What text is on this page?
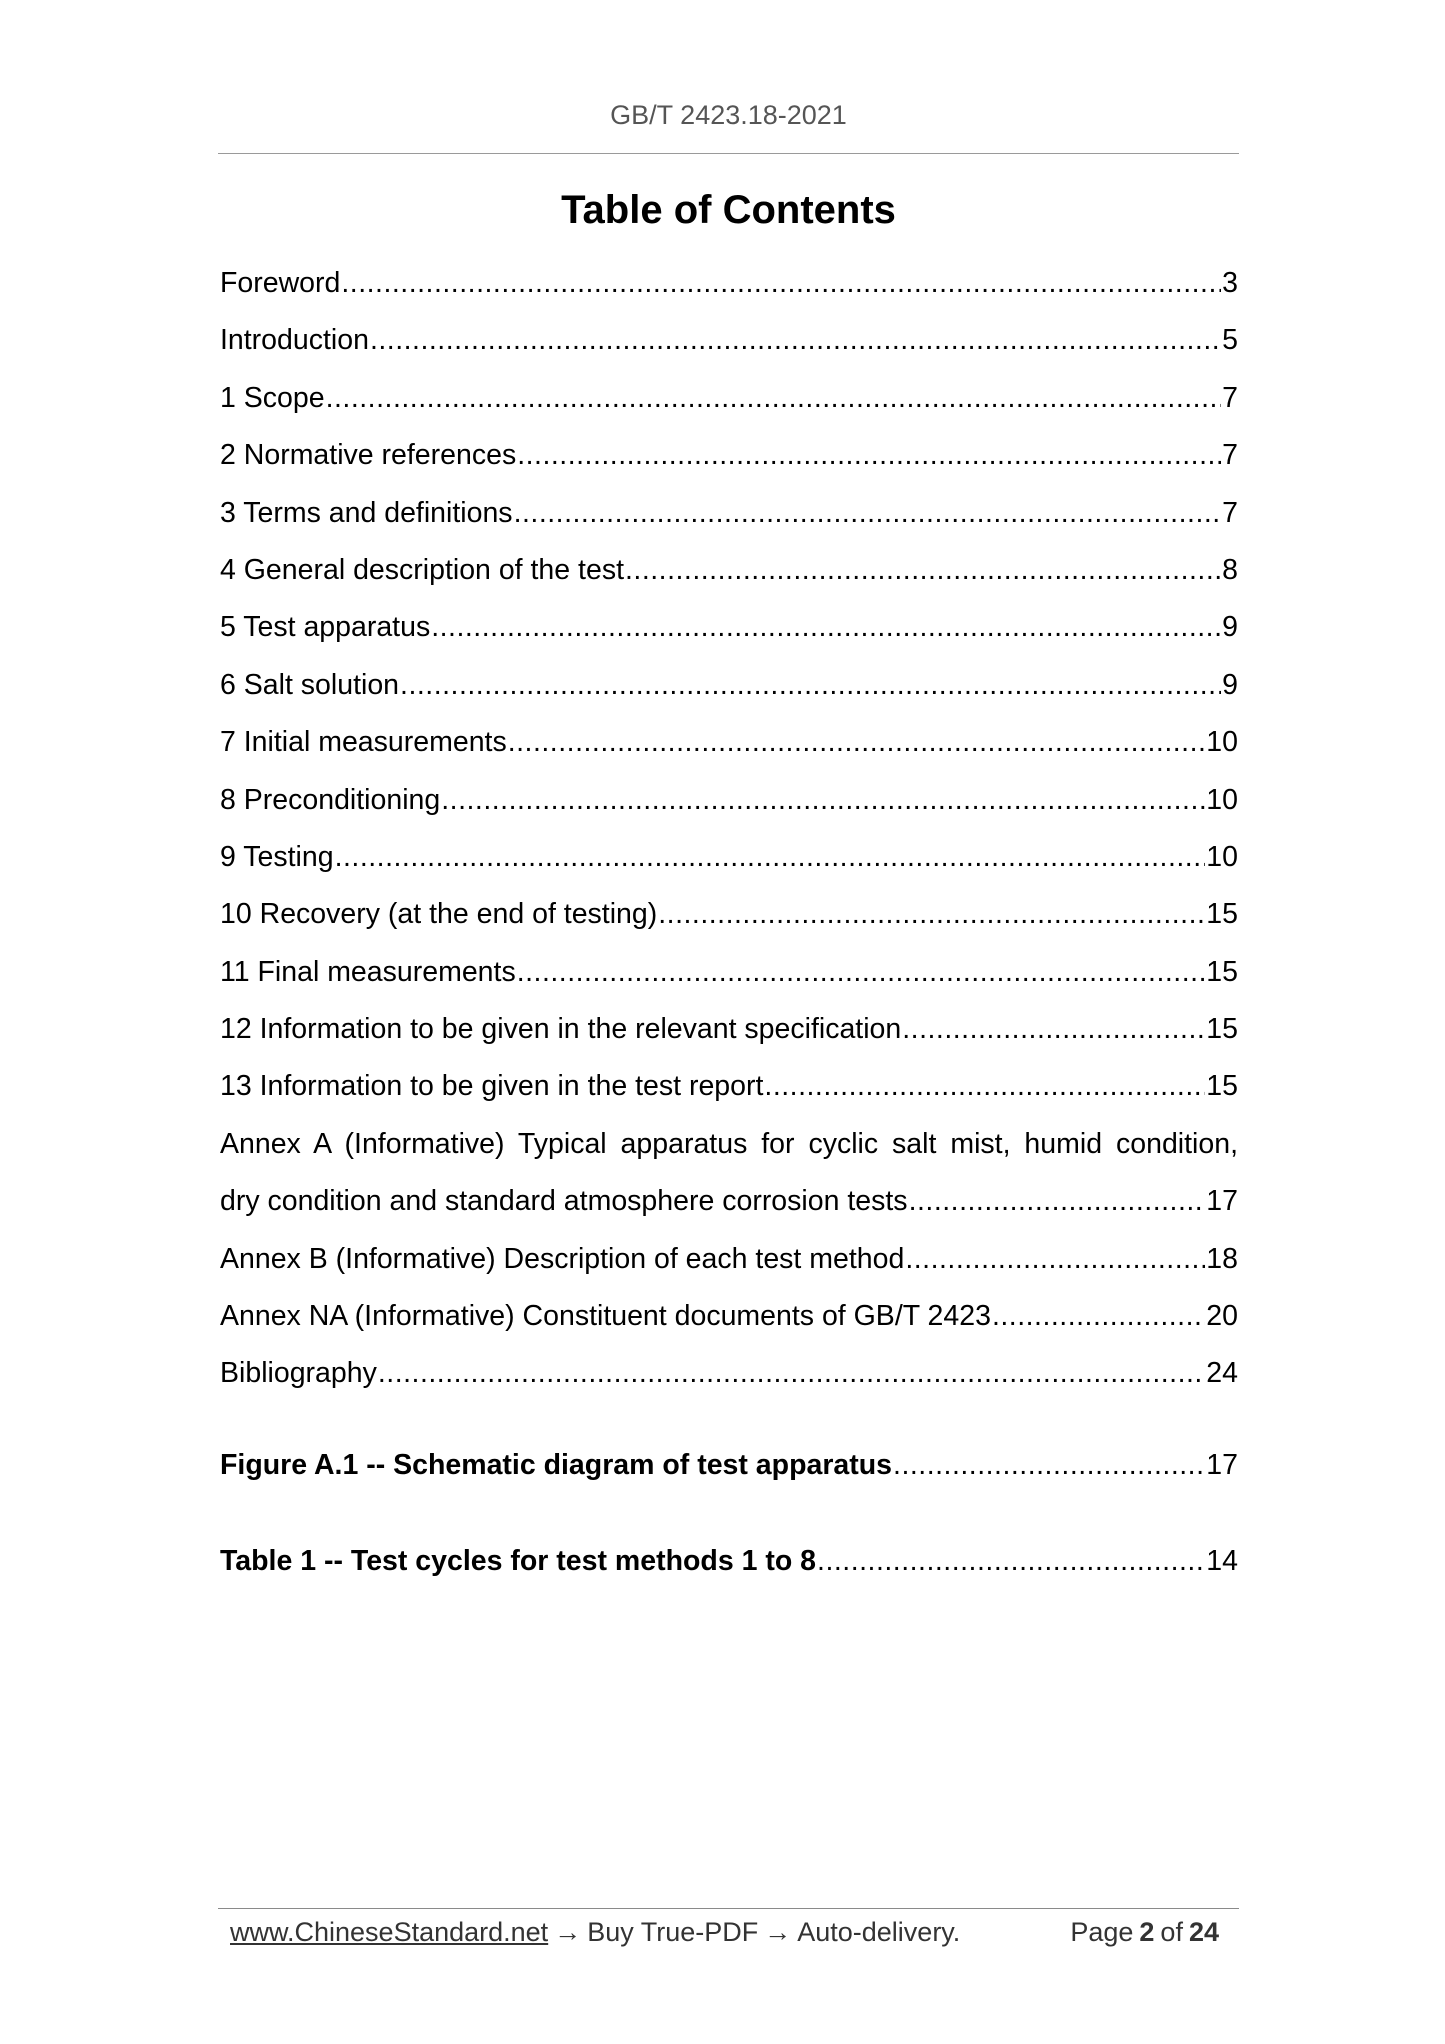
GB/T 2423.18-2021
Table of Contents
Foreword .....	3
Introduction .....	5
1 Scope .....	7
2 Normative references .....	7
3 Terms and definitions .....	7
4 General description of the test .....	8
5 Test apparatus .....	9
6 Salt solution .....	9
7 Initial measurements .....	10
8 Preconditioning .....	10
9 Testing .....	10
10 Recovery (at the end of testing) .....	15
11 Final measurements .....	15
12 Information to be given in the relevant specification .....	15
13 Information to be given in the test report .....	15
Annex A (Informative) Typical apparatus for cyclic salt mist, humid condition,
dry condition and standard atmosphere corrosion tests .....	17
Annex B (Informative) Description of each test method .....	18
Annex NA (Informative) Constituent documents of GB/T 2423 .....	20
Bibliography .....	24
Figure A.1 -- Schematic diagram of test apparatus .....	17
Table 1 -- Test cycles for test methods 1 to 8 .....	14
www.ChineseStandard.net → Buy True-PDF → Auto-delivery.	Page 2 of 24
